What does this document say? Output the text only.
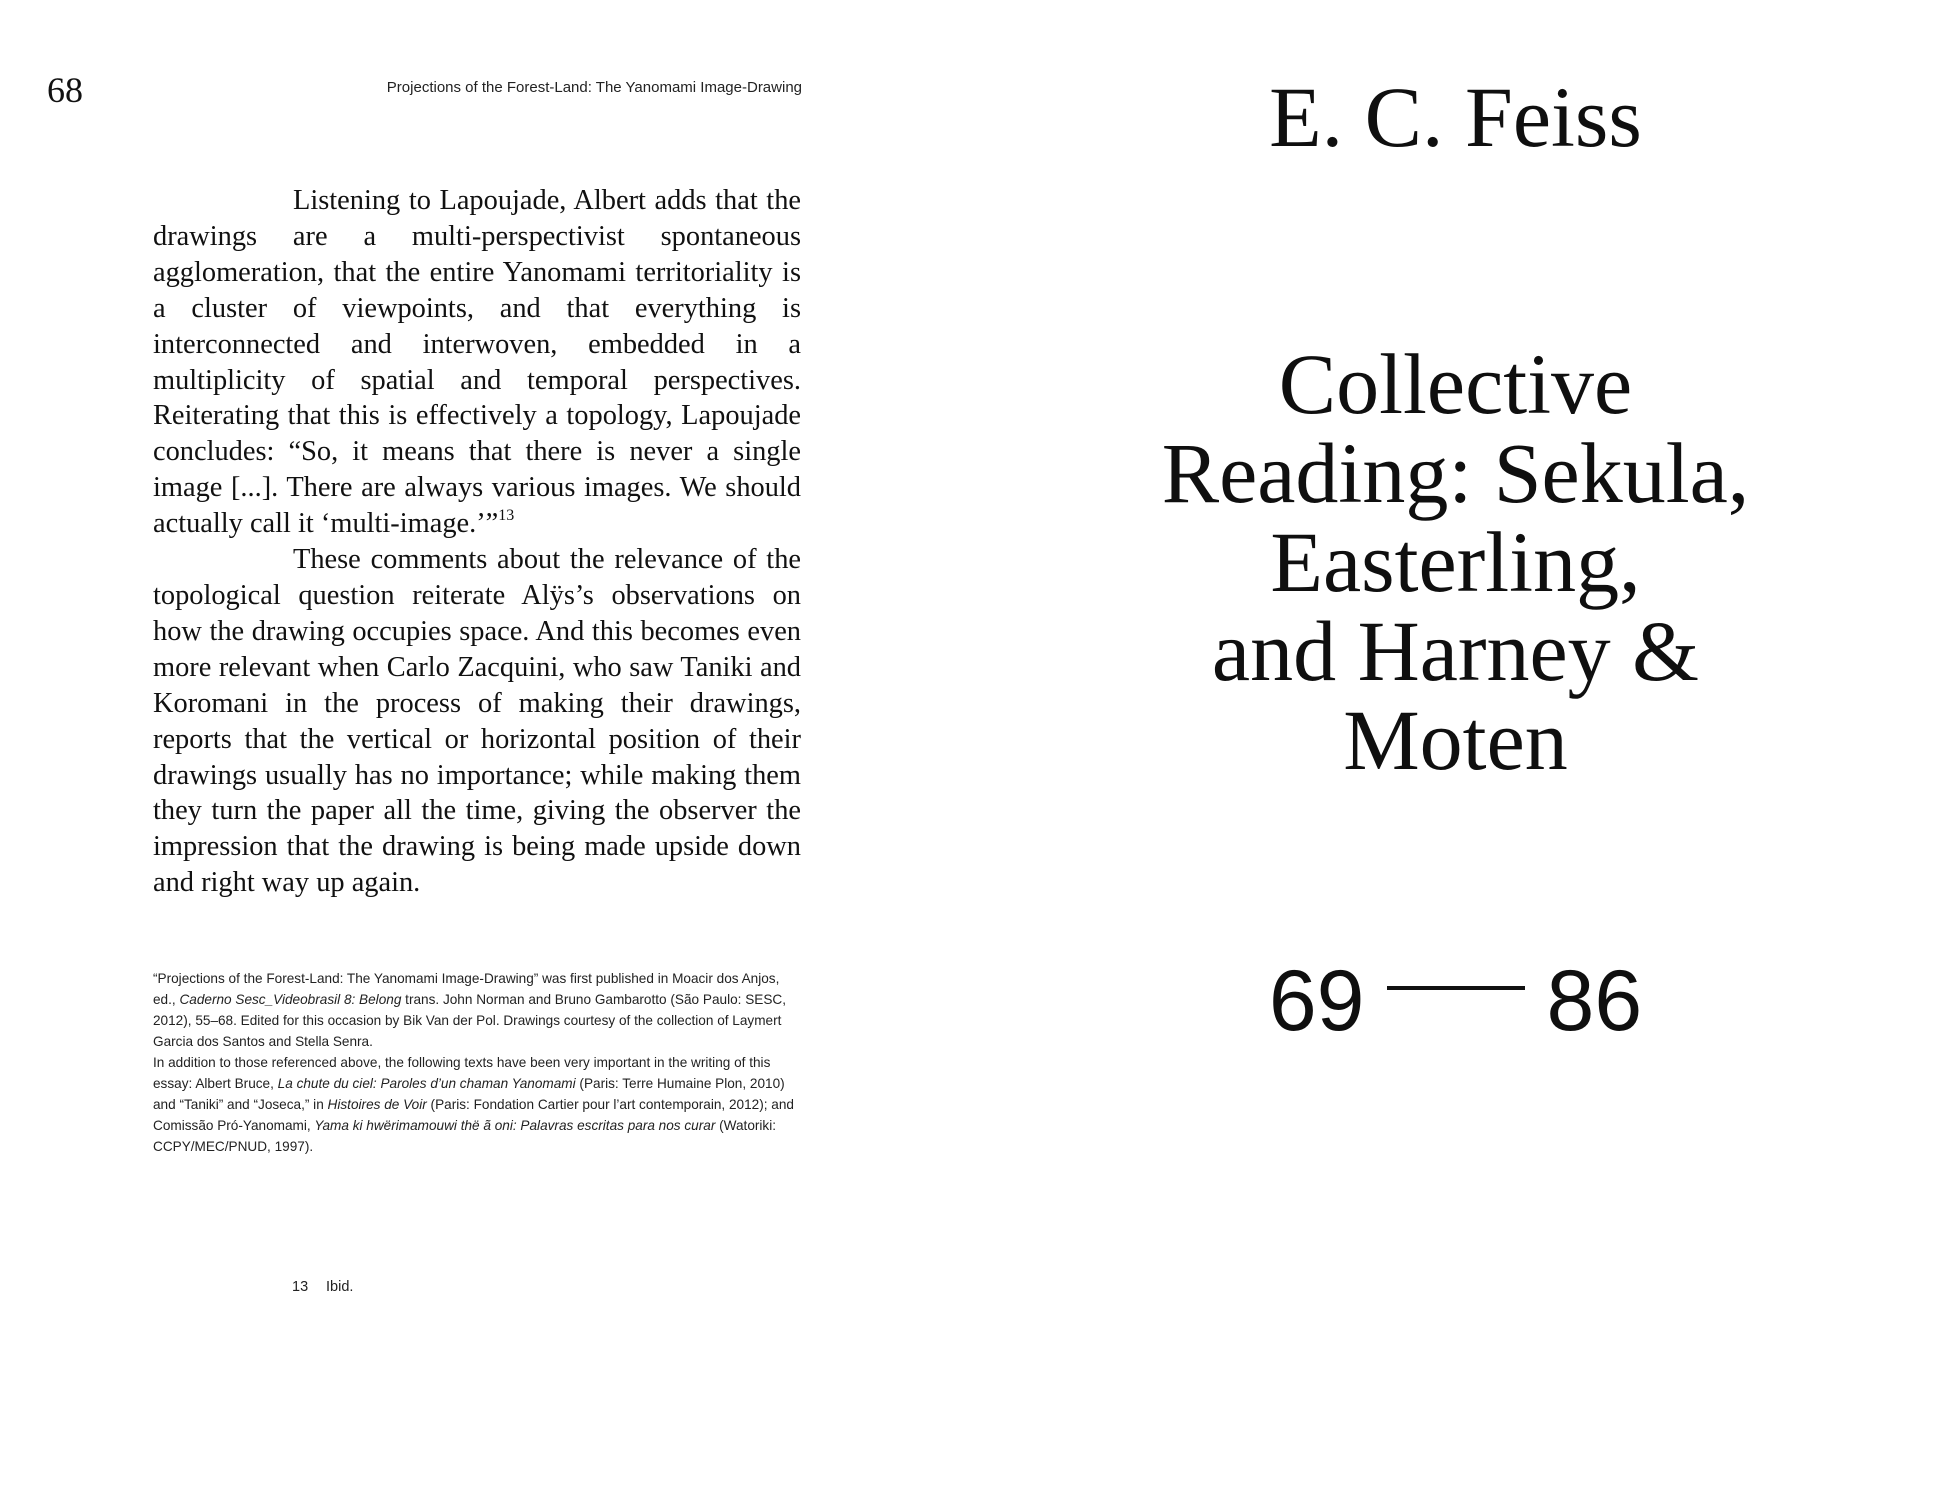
68	Projections of the Forest-Land: The Yanomami Image-Drawing

Listening to Lapoujade, Albert adds that the drawings are a multi-perspectivist spontaneous agglomeration, that the entire Yanomami territoriality is a cluster of viewpoints, and that everything is interconnected and interwoven, embedded in a multiplicity of spatial and temporal perspectives. Reiterating that this is effectively a topology, Lapoujade concludes: “So, it means that there is never a single image [...]. There are always various images. We should actually call it ‘multi-image.’”$^{13}$

These comments about the relevance of the topological question reiterate Alÿs’s observations on how the drawing occupies space. And this becomes even more relevant when Carlo Zacquini, who saw Taniki and Koromani in the process of making their drawings, reports that the vertical or horizontal position of their drawings usually has no importance; while making them they turn the paper all the time, giving the observer the impression that the drawing is being made upside down and right way up again.

“Projections of the Forest-Land: The Yanomami Image-Drawing” was first published in Moacir dos Anjos, ed., Caderno Sesc_Videobrasil 8: Belong trans. John Norman and Bruno Gambarotto (São Paulo: SESC, 2012), 55–68. Edited for this occasion by Bik Van der Pol. Drawings courtesy of the collection of Laymert Garcia dos Santos and Stella Senra.

In addition to those referenced above, the following texts have been very important in the writing of this essay: Albert Bruce, La chute du ciel: Paroles d’un chaman Yanomami (Paris: Terre Humaine Plon, 2010) and “Taniki” and “Joseca,” in Histoires de Voir (Paris: Fondation Cartier pour l’art contemporain, 2012); and Comissão Pró-Yanomami, Yama ki hwërimamouwi thë ã oni: Palavras escritas para nos curar (Watoriki: CCPY/MEC/PNUD, 1997).

13 Ibid.
E. C. Feiss
Collective
Reading: Sekula,
Easterling,
and Harney &
Moten
69 86
